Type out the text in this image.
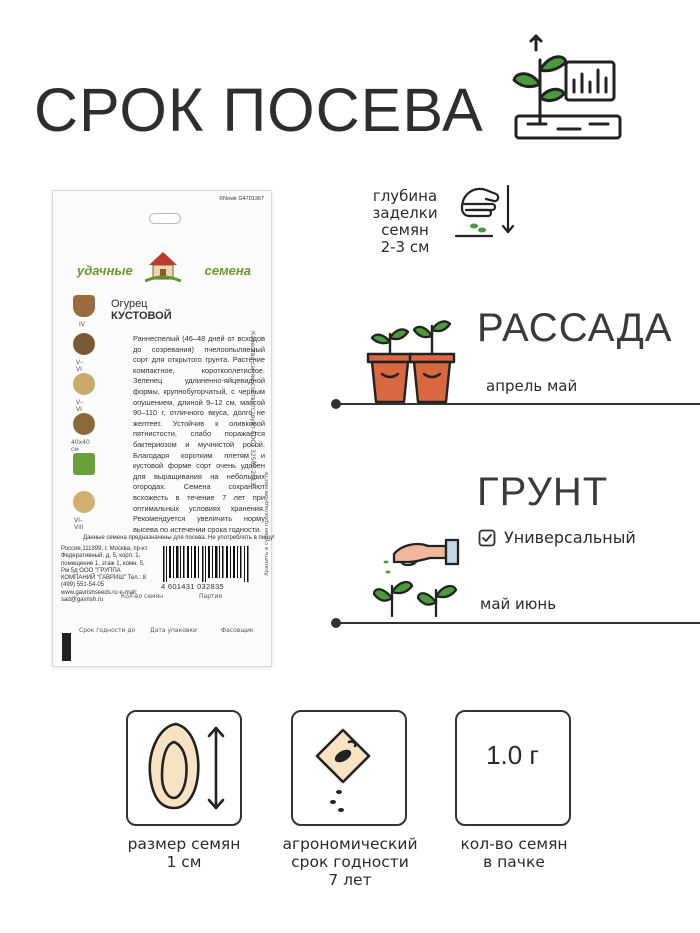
СРОК ПОСЕВА
©Nowk G4701367
удачные	семена
Огурец
КУСТОВОЙ
IV
V–VI
V–VI
40x40 см
VI–VIII
Раннеспелый (46–48 дней от всходов до созревания) пчелоопыляемый сорт для открытого грунта. Растение компактное, короткоплетистое. Зеленец удлиненно-яйцевидной формы, крупнобугорчатый, с черным опушением, длиной 9–12 см, массой 90–110 г, отличного вкуса, долго не желтеет. Устойчив к оливковой пятнистости, слабо поражается бактериозом и мучнистой росой. Благодаря коротким плетям и кустовой форме сорт очень удобен для выращивания на небольших огородах. Семена сохраняют всхожесть в течение 7 лет при оптимальных условиях хранения. Рекомендуется увеличить норму высева по истечении срока годности.
Качество семян соответствует ГОСТ 32592-2013
Данные семена предназначены для посева. Не употреблять в пищу!
Россия,111399, г. Москва, пр-кт Федеративный, д. 5, корп. 1, помещение 1, этаж 1, комн. 5, Рм 5д ООО "ГРУППА КОМПАНИЙ "ГАВРИШ" Тел.: 8 (499) 551-54-05 www.gavrishseeds.ru e-mail: sad@gavrish.ru
4 601431 032835
Хранить в сухом прохладном месте
Кол-во семян	Партия
Срок годности до Дата упаковки	Фасовщик
глубина
заделки
семян
2-3 см
РАССАДА
апрель май
ГРУНТ
Универсальный
май июнь
1.0 г
размер семян
1 см
агрономический
срок годности
7 лет
кол-во семян
в пачке
